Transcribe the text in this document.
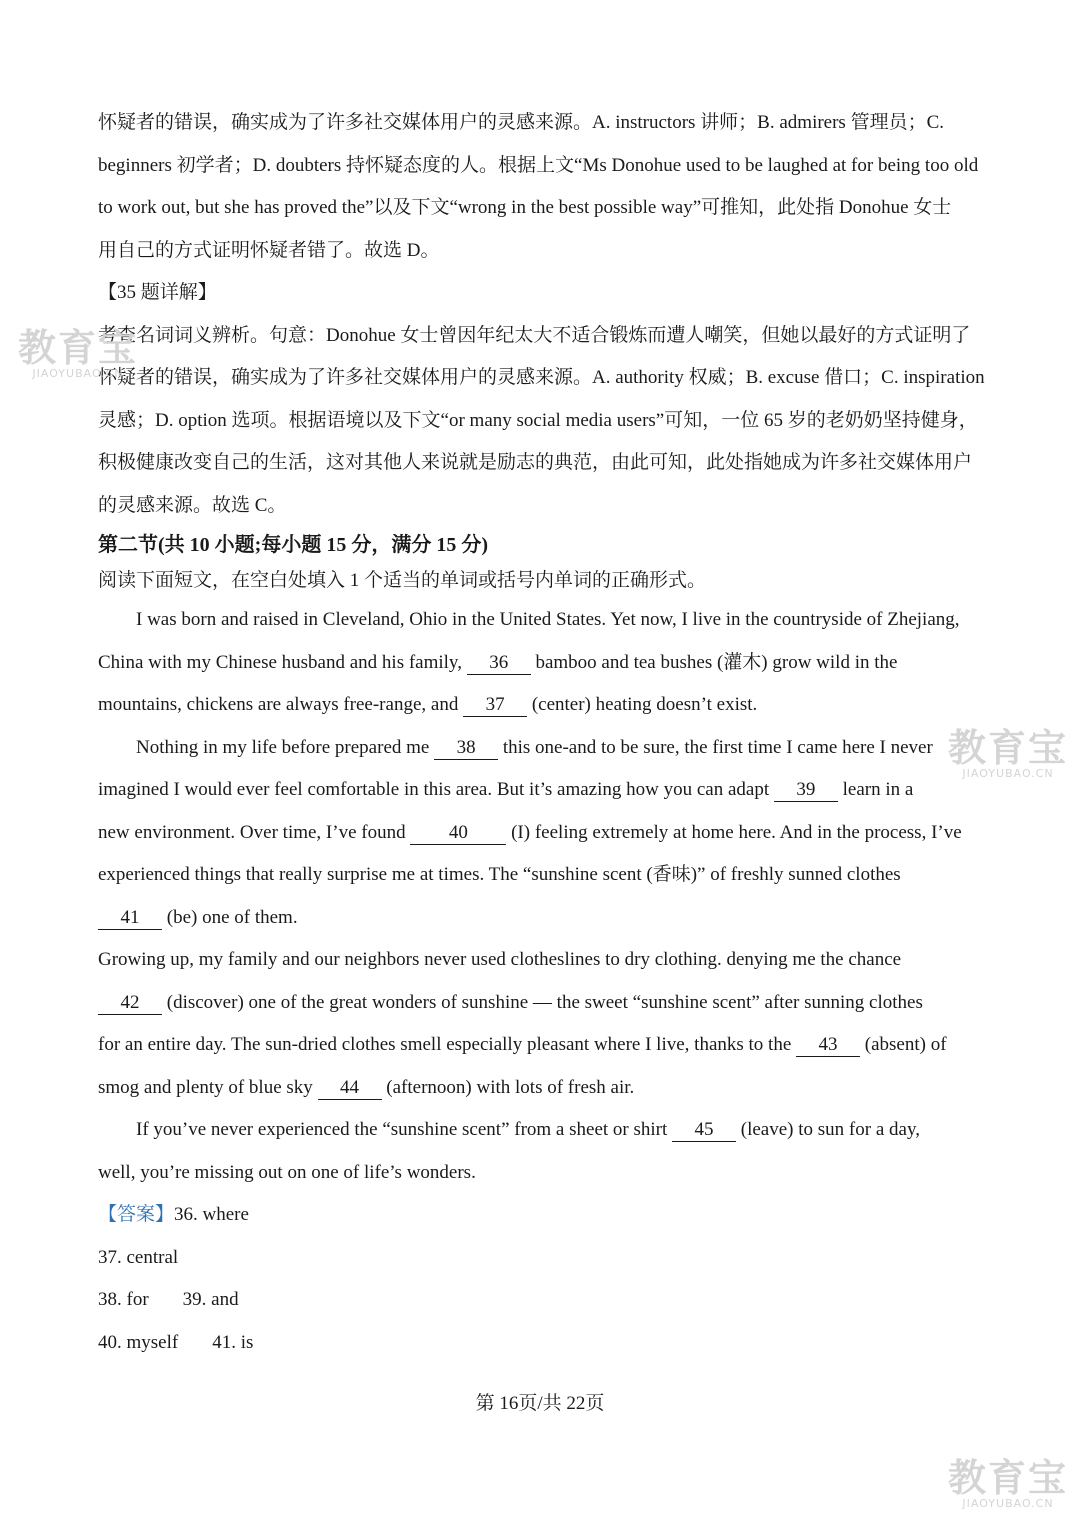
怀疑者的错误，确实成为了许多社交媒体用户的灵感来源。A. instructors 讲师；B. admirers 管理员；C.
beginners 初学者；D. doubters 持怀疑态度的人。根据上文“Ms Donohue used to be laughed at for being too old
to work out, but she has proved the”以及下文“wrong in the best possible way”可推知，此处指 Donohue 女士
用自己的方式证明怀疑者错了。故选 D。
【35 题详解】
考查名词词义辨析。句意：Donohue 女士曾因年纪太大不适合锻炼而遭人嘲笑，但她以最好的方式证明了
怀疑者的错误，确实成为了许多社交媒体用户的灵感来源。A. authority 权威；B. excuse 借口；C. inspiration
灵感；D. option 选项。根据语境以及下文“or many social media users”可知，一位 65 岁的老奶奶坚持健身，
积极健康改变自己的生活，这对其他人来说就是励志的典范，由此可知，此处指她成为许多社交媒体用户
的灵感来源。故选 C。
第二节(共 10 小题;每小题 15 分，满分 15 分)
阅读下面短文，在空白处填入 1 个适当的单词或括号内单词的正确形式。
I was born and raised in Cleveland, Ohio in the United States. Yet now, I live in the countryside of Zhejiang,
China with my Chinese husband and his family, 36 bamboo and tea bushes (灌木) grow wild in the
mountains, chickens are always free-range, and 37 (center) heating doesn’t exist.
Nothing in my life before prepared me 38 this one-and to be sure, the first time I came here I never
imagined I would ever feel comfortable in this area. But it’s amazing how you can adapt 39 learn in a
new environment. Over time, I’ve found 40 (I) feeling extremely at home here. And in the process, I’ve
experienced things that really surprise me at times. The “sunshine scent (香味)” of freshly sunned clothes
41 (be) one of them.
Growing up, my family and our neighbors never used clotheslines to dry clothing. denying me the chance
42 (discover) one of the great wonders of sunshine — the sweet “sunshine scent” after sunning clothes
for an entire day. The sun-dried clothes smell especially pleasant where I live, thanks to the 43 (absent) of
smog and plenty of blue sky 44 (afternoon) with lots of fresh air.
If you’ve never experienced the “sunshine scent” from a sheet or shirt 45 (leave) to sun for a day,
well, you’re missing out on one of life’s wonders.
【答案】36. where
37. central
38. for 39. and
40. myself 41. is
第 16页/共 22页
教育宝
JIAOYUBAO.CN
教育宝
JIAOYUBAO.CN
教育宝
JIAOYUBAO.CN
